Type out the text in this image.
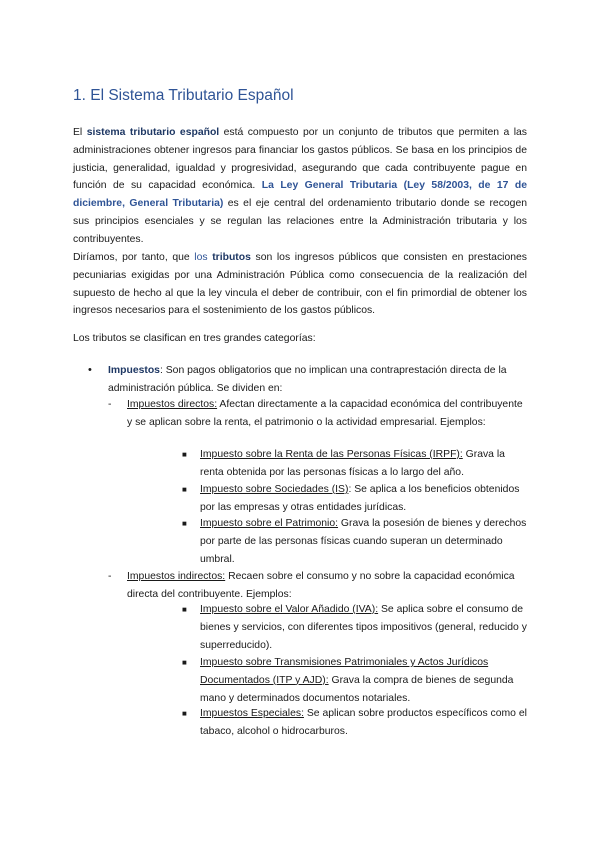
1. El Sistema Tributario Español

El sistema tributario español está compuesto por un conjunto de tributos que permiten a las administraciones obtener ingresos para financiar los gastos públicos. Se basa en los principios de justicia, generalidad, igualdad y progresividad, asegurando que cada contribuyente pague en función de su capacidad económica. La Ley General Tributaria (Ley 58/2003, de 17 de diciembre, General Tributaria) es el eje central del ordenamiento tributario donde se recogen sus principios esenciales y se regulan las relaciones entre la Administración tributaria y los contribuyentes.

Diríamos, por tanto, que los tributos son los ingresos públicos que consisten en prestaciones pecuniarias exigidas por una Administración Pública como consecuencia de la realización del supuesto de hecho al que la ley vincula el deber de contribuir, con el fin primordial de obtener los ingresos necesarios para el sostenimiento de los gastos públicos.

Los tributos se clasifican en tres grandes categorías:

• Impuestos: Son pagos obligatorios que no implican una contraprestación directa de la administración pública. Se dividen en:

- Impuestos directos: Afectan directamente a la capacidad económica del contribuyente y se aplican sobre la renta, el patrimonio o la actividad empresarial. Ejemplos:

■ Impuesto sobre la Renta de las Personas Físicas (IRPF): Grava la renta obtenida por las personas físicas a lo largo del año.

■ Impuesto sobre Sociedades (IS): Se aplica a los beneficios obtenidos por las empresas y otras entidades jurídicas.

■ Impuesto sobre el Patrimonio: Grava la posesión de bienes y derechos por parte de las personas físicas cuando superan un determinado umbral.

- Impuestos indirectos: Recaen sobre el consumo y no sobre la capacidad económica directa del contribuyente. Ejemplos:

■ Impuesto sobre el Valor Añadido (IVA): Se aplica sobre el consumo de bienes y servicios, con diferentes tipos impositivos (general, reducido y superreducido).

■ Impuesto sobre Transmisiones Patrimoniales y Actos Jurídicos Documentados (ITP y AJD): Grava la compra de bienes de segunda mano y determinados documentos notariales.

■ Impuestos Especiales: Se aplican sobre productos específicos como el tabaco, alcohol o hidrocarburos.
